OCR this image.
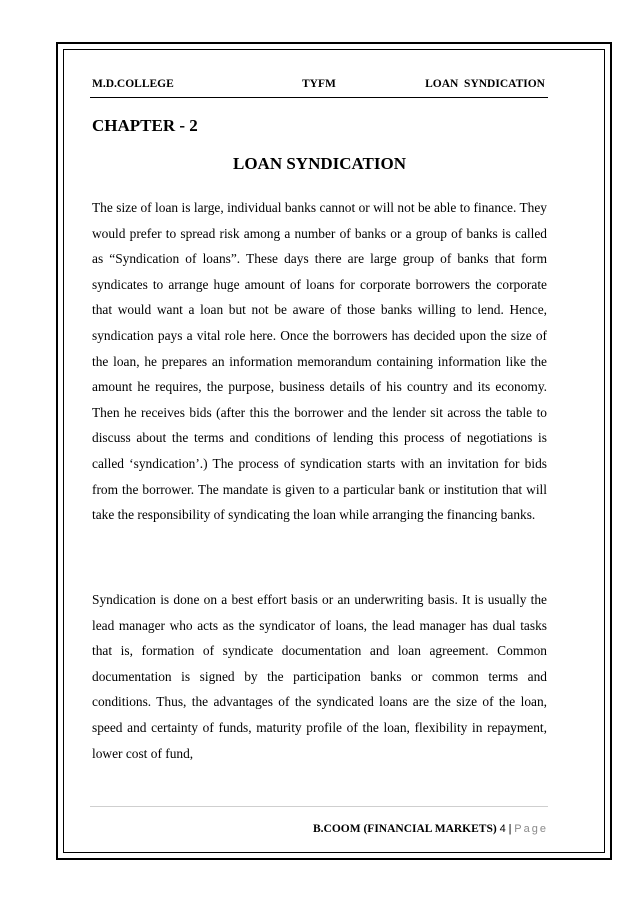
M.D.COLLEGE	TYFM	LOAN  SYNDICATION
CHAPTER - 2
LOAN SYNDICATION

The size of loan is large, individual banks cannot or will not be able to finance. They would prefer to spread risk among a number of banks or a group of banks is called as “Syndication of loans”. These days there are large group of banks that form syndicates to arrange huge amount of loans for corporate borrowers the corporate that would want a loan but not be aware of those banks willing to lend. Hence, syndication pays a vital role here. Once the borrowers has decided upon the size of the loan, he prepares an information memorandum containing information like the amount he requires, the purpose, business details of his country and its economy. Then he receives bids (after this the borrower and the lender sit across the table to discuss about the terms and conditions of lending this process of negotiations is called ‘syndication’.) The process of syndication starts with an invitation for bids from the borrower. The mandate is given to a particular bank or institution that will take the responsibility of syndicating the loan while arranging the financing banks.

Syndication is done on a best effort basis or an underwriting basis. It is usually the lead manager who acts as the syndicator of loans, the lead manager has dual tasks that is, formation of syndicate documentation and loan agreement. Common documentation is signed by the participation banks or common terms and conditions. Thus, the advantages of the syndicated loans are the size of the loan, speed and certainty of funds, maturity profile of the loan, flexibility in repayment, lower cost of fund,

B.COOM (FINANCIAL MARKETS) 4 | Page
